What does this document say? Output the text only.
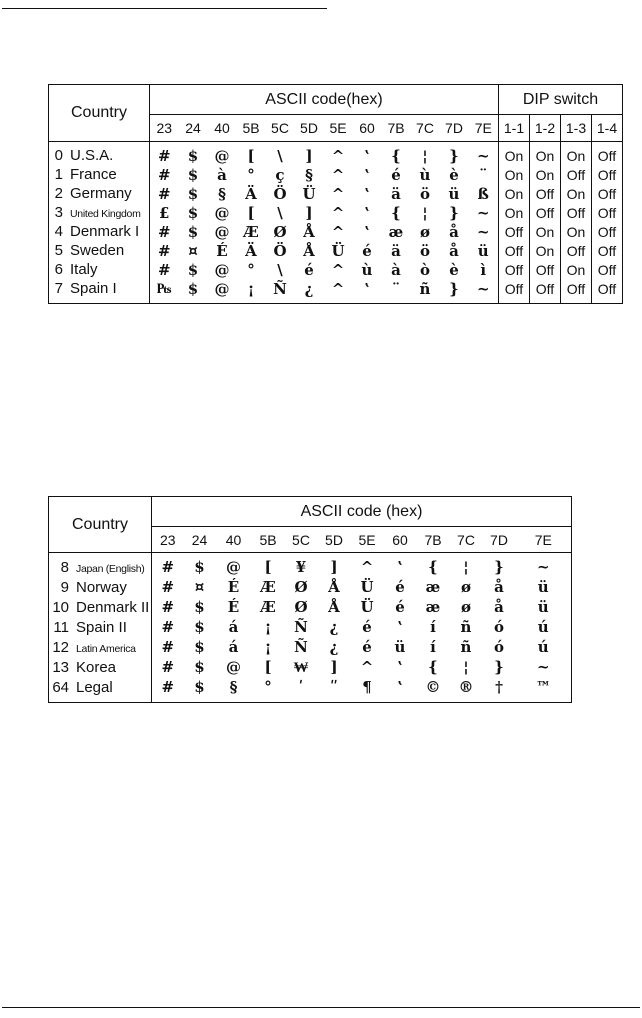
Country	ASCII code(hex)												DIP switch			
	23	24	40	5B	5C	5D	5E	60	7B	7C	7D	7E	1-1	1-2	1-3	1-4

0 U.S.A.	#	$	@	[	\	]	^	ʽ	{	¦	}	~	On	On	On	Off
1 France	#	$	à	°	ç	§	^	ʽ	é	ù	è	¨	On	On	Off	Off
2 Germany	#	$	§	Ä	Ö	Ü	^	ʽ	ä	ö	ü	ß	On	Off	On	Off
3 United Kingdom	£	$	@	[	\	]	^	ʽ	{	¦	}	~	On	Off	Off	Off
4 Denmark I	#	$	@	Æ	Ø	Å	^	ʽ	æ	ø	å	~	Off	On	On	Off
5 Sweden	#	¤	É	Ä	Ö	Å	Ü	é	ä	ö	å	ü	Off	On	Off	Off
6 Italy	#	$	@	°	\	é	^	ù	à	ò	è	ì	Off	Off	On	Off
7 Spain I	₧	$	@	¡	Ñ	¿	^	ʽ	¨	ñ	}	~	Off	Off	Off	Off

Country	ASCII code (hex)											
	23	24	40	5B	5C	5D	5E	60	7B	7C	7D	7E

8 Japan (English)	#	$	@	[	¥	]	^	ʽ	{	¦	}	~
9 Norway	#	¤	É	Æ	Ø	Å	Ü	é	æ	ø	å	ü
10 Denmark II	#	$	É	Æ	Ø	Å	Ü	é	æ	ø	å	ü
11 Spain II	#	$	á	¡	Ñ	¿	é	ʽ	í	ñ	ó	ú
12 Latin America	#	$	á	¡	Ñ	¿	é	ü	í	ñ	ó	ú
13 Korea	#	$	@	[	₩	]	^	ʽ	{	¦	}	~
64 Legal	#	$	§	°	ʹ	ʺ	¶	ʽ	©	®	†	™
